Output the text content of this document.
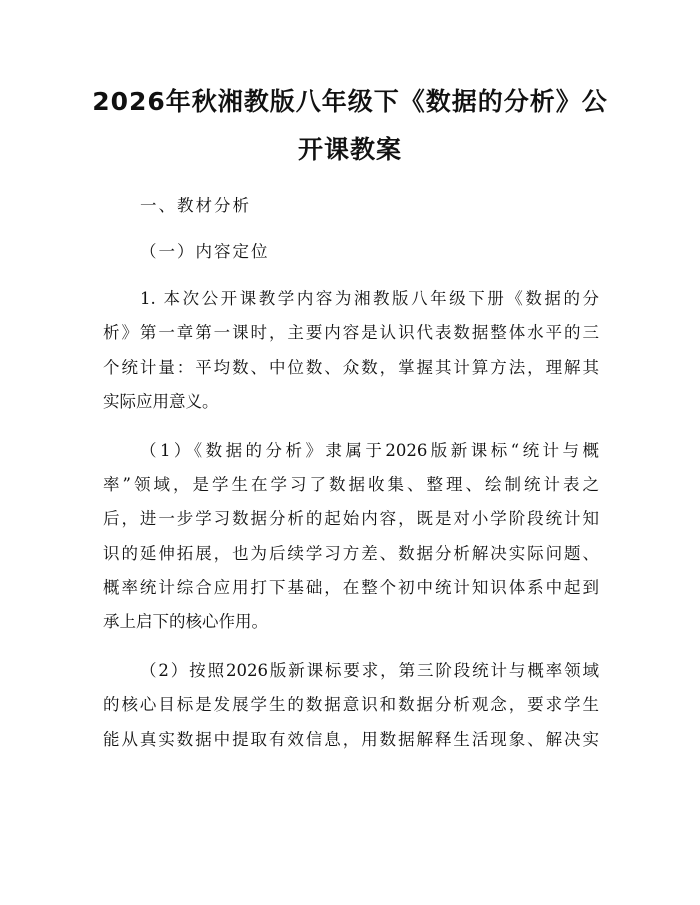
2026年秋湘教版八年级下《数据的分析》公
开课教案
一、教材分析
（一）内容定位
1. 本次公开课教学内容为湘教版八年级下册《数据的分
析》第一章第一课时，主要内容是认识代表数据整体水平的三
个统计量：平均数、中位数、众数，掌握其计算方法，理解其
实际应用意义。
（1）《数据的分析》隶属于2026版新课标“统计与概
率”领域，是学生在学习了数据收集、整理、绘制统计表之
后，进一步学习数据分析的起始内容，既是对小学阶段统计知
识的延伸拓展，也为后续学习方差、数据分析解决实际问题、
概率统计综合应用打下基础，在整个初中统计知识体系中起到
承上启下的核心作用。
（2）按照2026版新课标要求，第三阶段统计与概率领域
的核心目标是发展学生的数据意识和数据分析观念，要求学生
能从真实数据中提取有效信息，用数据解释生活现象、解决实
